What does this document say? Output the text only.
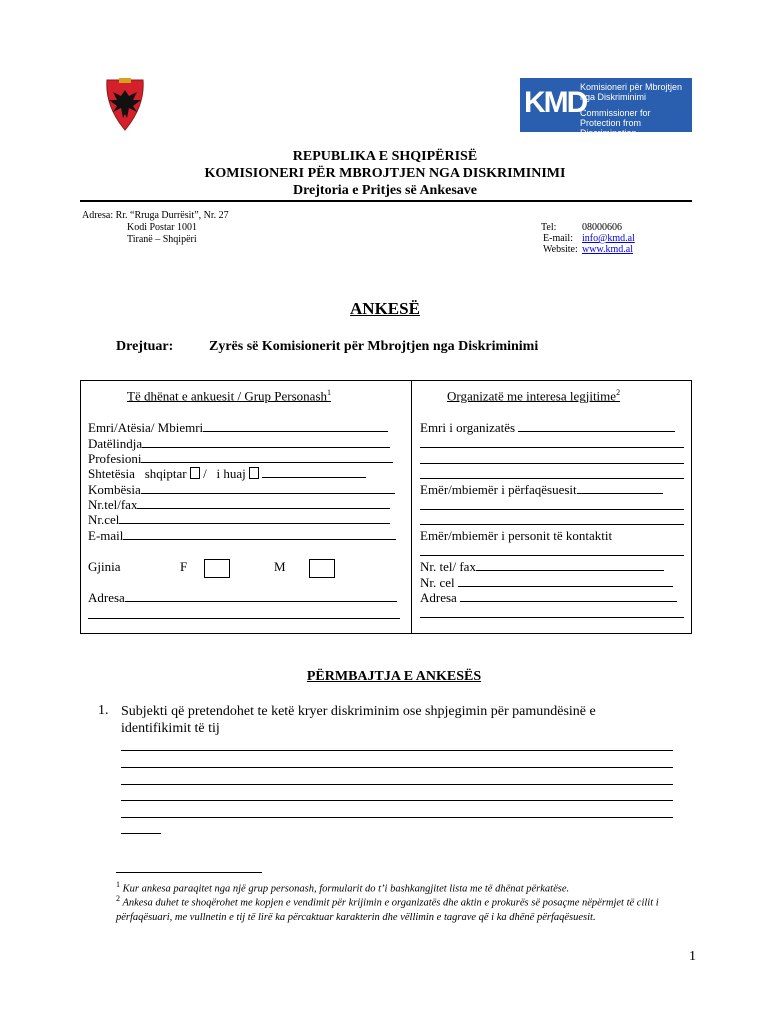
KMD
Komisioneri për Mbrojtjen nga Diskriminimi
Commissioner for Protection from Discrimination
REPUBLIKA E SHQIPËRISË
KOMISIONERI PËR MBROJTJEN NGA DISKRIMINIMI
Drejtoria e Pritjes së Ankesave
Adresa: Rr. “Rruga Durrësit”, Nr. 27
Kodi Postar 1001
Tiranë – Shqipëri
Tel:	08000606
E-mail: info@kmd.al
Website: www.kmd.al
ANKESË
Drejtuar:	Zyrës së Komisionerit për Mbrojtjen nga Diskriminimi
Të dhënat e ankuesit / Grup Personash$^1$	Organizatë me interesa legjitime$^2$
Emri/Atësia/ Mbiemri
Datëlindja
Profesioni
Shtetësia shqiptar  /   i huaj
Kombësia
Nr.tel/fax
Nr.cel
E-mail
Gjinia	F	M
Adresa
Emri i organizatës
Emër/mbiemër i përfaqësuesit
Emër/mbiemër i personit të kontaktit
Nr. tel/ fax
Nr. cel
Adresa
PËRMBAJTJA E ANKESËS
1. Subjekti që pretendohet te ketë kryer diskriminim ose shpjegimin për pamundësinë e identifikimit të tij
$^1$ Kur ankesa paraqitet nga një grup personash, formularit do t’i bashkangjitet lista me të dhënat përkatëse.
$^2$ Ankesa duhet te shoqërohet me kopjen e vendimit për krijimin e organizatës dhe aktin e prokurës së posaçme nëpërmjet të cilit i përfaqësuari, me vullnetin e tij të lirë ka përcaktuar karakterin dhe vëllimin e tagrave që i ka dhënë përfaqësuesit.
1
